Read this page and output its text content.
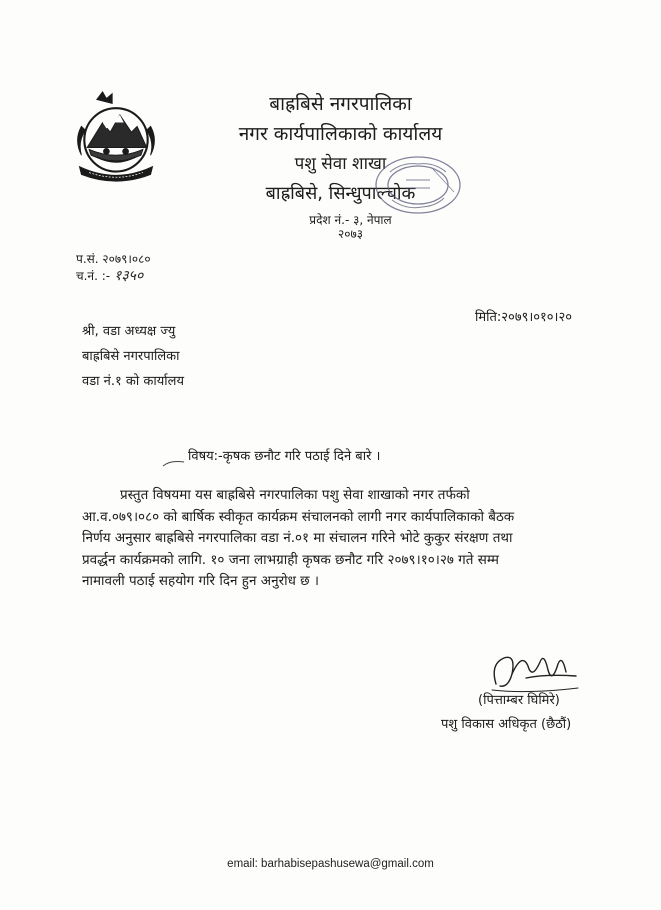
बाह्रबिसे नगरपालिका
नगर कार्यपालिकाको कार्यालय
पशु सेवा शाखा
बाह्रबिसे, सिन्धुपाल्चोक
प्रदेश नं.- ३, नेपाल
२०७३
प.सं. २०७९।०८०
च.नं. :- १३५०
मिति:२०७९।०१०।२०
श्री, वडा अध्यक्ष ज्यु
बाह्रबिसे नगरपालिका
वडा नं.१ को कार्यालय
विषय:-कृषक छनौट गरि पठाई दिने बारे ।
प्रस्तुत विषयमा यस बाह्रबिसे नगरपालिका पशु सेवा शाखाको नगर तर्फको
आ.व.०७९।०८० को बार्षिक स्वीकृत कार्यक्रम संचालनको लागी नगर कार्यपालिकाको बैठक
निर्णय अनुसार बाह्रबिसे नगरपालिका वडा नं.०१ मा संचालन गरिने भोटे कुकुर संरक्षण तथा
प्रवर्द्धन कार्यक्रमको लागि. १० जना लाभग्राही कृषक छनौट गरि २०७९।१०।२७ गते सम्म
नामावली पठाई सहयोग गरि दिन हुन अनुरोध छ ।
(पित्ताम्बर घिमिरे)
पशु विकास अधिकृत (छैठौं)
email: barhabisepashusewa@gmail.com
